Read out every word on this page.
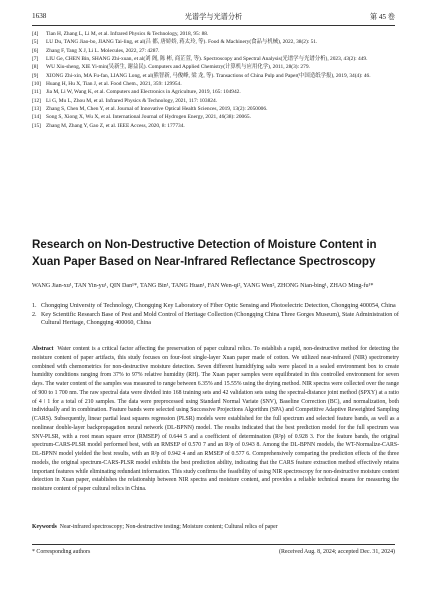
1638	光谱学与光谱分析	第 45 卷
[4] Tian H, Zhang L, Li M, et al. Infrared Physics & Technology, 2018, 95: 88.
[5] LU Du, TANG Jiao-bo, JIANG Tai-ling, et al(吕 都, 唐娇娇, 蒋太玲, 等). Food & Machinery(食品与机械), 2022, 38(2): 51.
[6] Zhang F, Tang X J, Li L. Molecules, 2022, 27: 4287.
[7] LIU Ge, CHEN Bin, SHANG Zhi-xuan, et al(刘 阁, 陈 彬, 商芷萱, 等). Spectroscopy and Spectral Analysis(光谱学与光谱分析), 2023, 43(2): 449.
[8] WU Xiu-sheng, XIE Yi-min(吴新生, 谢益民). Computers and Applied Chemistry(计算机与应用化学), 2011, 28(3): 279.
[9] XIONG Zhi-xin, MA Fu-fan, LIANG Long, et al(熊智新, 马俊峰, 梁 龙, 等). Transactions of China Pulp and Paper(中国造纸学报), 2019, 34(4): 46.
[10] Huang H, Hu X, Tian J, et al. Food Chem., 2021, 359: 129954.
[11] Jia M, Li W, Wang K, et al. Computers and Electronics in Agriculture, 2019, 165: 104942.
[12] Li G, Mu L, Zhou M, et al. Infrared Physics & Technology, 2021, 117: 103824.
[13] Zhang S, Chen M, Chen Y, et al. Journal of Innovative Optical Health Sciences, 2019, 13(2): 2050006.
[14] Song S, Xiong X, Wu X, et al. International Journal of Hydrogen Energy, 2021, 46(38): 20065.
[15] Zhang M, Zhang Y, Gao Z, et al. IEEE Access, 2020, 8: 177734.
Research on Non-Destructive Detection of Moisture Content in Xuan Paper Based on Near-Infrared Reflectance Spectroscopy
WANG Jian-xu¹, TAN Yin-yu¹, QIN Dan¹*, TANG Bin¹, TANG Huan¹, FAN Wen-qi², YANG Wen², ZHONG Nian-bing¹, ZHAO Ming-fu¹*
1. Chongqing University of Technology, Chongqing Key Laboratory of Fiber Optic Sensing and Photoelectric Detection, Chongqing 400054, China
2. Key Scientific Research Base of Pest and Mold Control of Heritage Collection (Chongqing China Three Gorges Museum), State Administration of Cultural Heritage, Chongqing 400060, China
Abstract Water content is a critical factor affecting the preservation of paper cultural relics. To establish a rapid, non-destructive method for detecting the moisture content of paper artifacts, this study focuses on four-foot single-layer Xuan paper made of cotton. We utilized near-infrared (NIR) spectrometry combined with chemometrics for non-destructive moisture detection. Seven different humidifying salts were placed in a sealed environment box to create humidity conditions ranging from 37% to 97% relative humidity (RH). The Xuan paper samples were equilibrated in this controlled environment for seven days. The water content of the samples was measured to range between 6.35% and 15.55% using the drying method. NIR spectra were collected over the range of 900 to 1 700 nm. The raw spectral data were divided into 168 training sets and 42 validation sets using the spectral-distance joint method (SPXY) at a ratio of 4 ∶ 1 for a total of 210 samples. The data were preprocessed using Standard Normal Variate (SNV), Baseline Correction (BC), and normalization, both individually and in combination. Feature bands were selected using Successive Projections Algorithm (SPA) and Competitive Adaptive Reweighted Sampling (CARS). Subsequently, linear partial least squares regression (PLSR) models were established for the full spectrum and selected feature bands, as well as a nonlinear double-layer backpropagation neural network (DL-BPNN) model. The results indicated that the best prediction model for the full spectrum was SNV-PLSR, with a root mean square error (RMSEP) of 0.644 5 and a coefficient of determination (R²p) of 0.928 3. For the feature bands, the original spectrum-CARS-PLSR model performed best, with an RMSEP of 0.570 7 and an R²p of 0.943 8. Among the DL-BPNN models, the WT-Normalize-CARS-DL-BPNN model yielded the best results, with an R²p of 0.942 4 and an RMSEP of 0.577 6. Comprehensively comparing the prediction effects of the three models, the original spectrum-CARS-PLSR model exhibits the best prediction ability, indicating that the CARS feature extraction method effectively retains important features while eliminating redundant information. This study confirms the feasibility of using NIR spectroscopy for non-destructive moisture content detection in Xuan paper, establishes the relationship between NIR spectra and moisture content, and provides a reliable technical means for measuring the moisture content of paper cultural relics in China.
Keywords Near-infrared spectroscopy; Non-destructive testing; Moisture content; Cultural relics of paper
* Corresponding authors	(Received Aug. 8, 2024; accepted Dec. 31, 2024)
